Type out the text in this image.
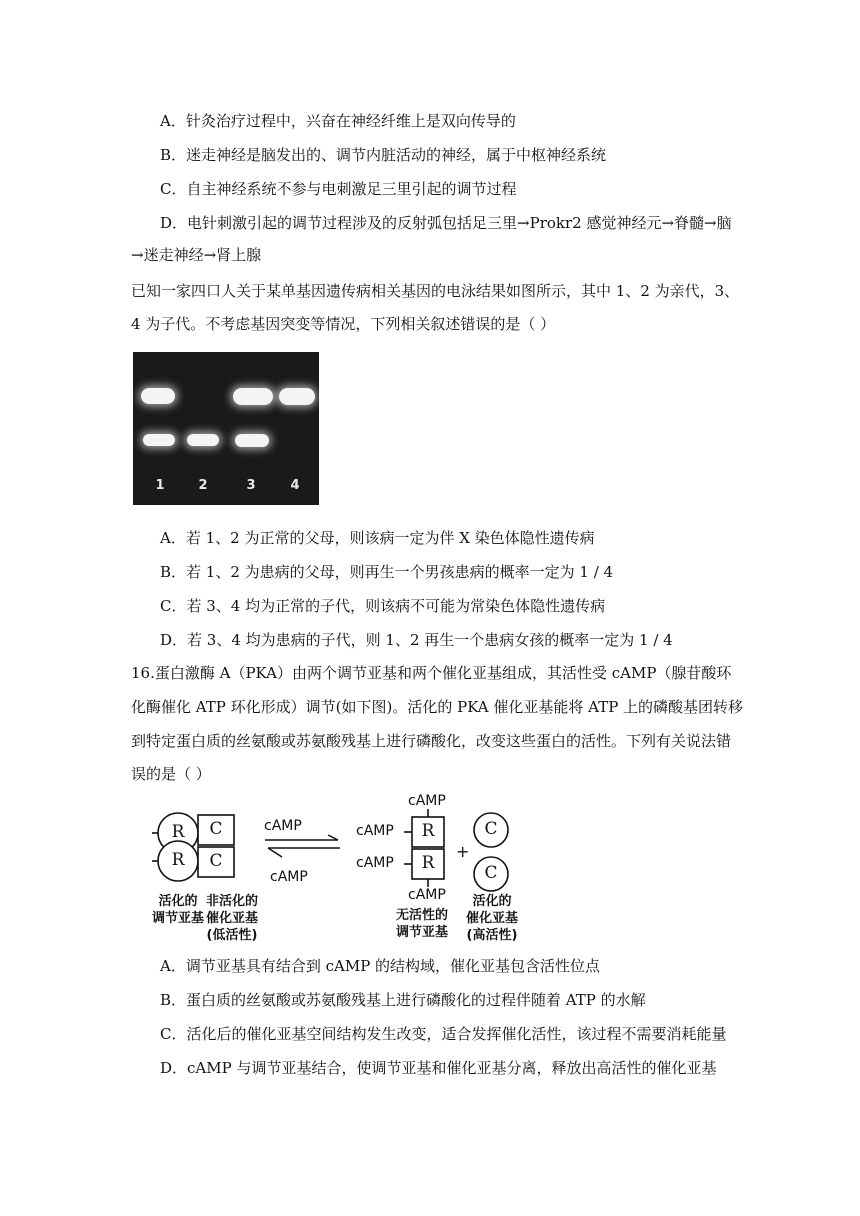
A．针灸治疗过程中，兴奋在神经纤维上是双向传导的
B．迷走神经是脑发出的、调节内脏活动的神经，属于中枢神经系统
C．自主神经系统不参与电刺激足三里引起的调节过程
D．电针刺激引起的调节过程涉及的反射弧包括足三里→Prokr2 感觉神经元→脊髓→脑
→迷走神经→肾上腺
已知一家四口人关于某单基因遗传病相关基因的电泳结果如图所示，其中 1、2 为亲代，3、
4 为子代。不考虑基因突变等情况，下列相关叙述错误的是（ ）
1	2	3	4
A．若 1、2 为正常的父母，则该病一定为伴 X 染色体隐性遗传病
B．若 1、2 为患病的父母，则再生一个男孩患病的概率一定为 1 / 4
C．若 3、4 均为正常的子代，则该病不可能为常染色体隐性遗传病
D．若 3、4 均为患病的子代，则 1、2 再生一个患病女孩的概率一定为 1 / 4
16.蛋白激酶 A（PKA）由两个调节亚基和两个催化亚基组成，其活性受 cAMP（腺苷酸环
化酶催化 ATP 环化形成）调节(如下图)。活化的 PKA 催化亚基能将 ATP 上的磷酸基团转移
到特定蛋白质的丝氨酸或苏氨酸残基上进行磷酸化，改变这些蛋白的活性。下列有关说法错
误的是（ ）
R
R
C
C
cAMP
cAMP
cAMP
cAMP
cAMP
cAMP
R
R
+
C
C
活化的
调节亚基
非活化的
催化亚基
(低活性)
无活性的
调节亚基
活化的
催化亚基
(高活性)
A．调节亚基具有结合到 cAMP 的结构域，催化亚基包含活性位点
B．蛋白质的丝氨酸或苏氨酸残基上进行磷酸化的过程伴随着 ATP 的水解
C．活化后的催化亚基空间结构发生改变，适合发挥催化活性，该过程不需要消耗能量
D．cAMP 与调节亚基结合，使调节亚基和催化亚基分离，释放出高活性的催化亚基
